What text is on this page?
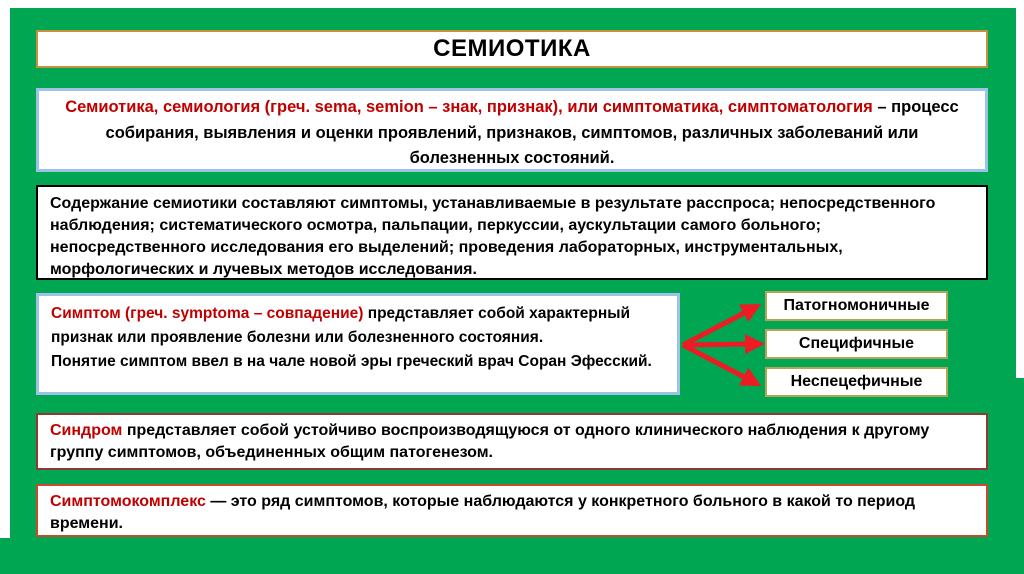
СЕМИОТИКА
Семиотика, семиология (греч. sema, semion – знак, признак), или симптоматика, симптоматология – процесс собирания, выявления и оценки проявлений, признаков, симптомов, различных заболеваний или болезненных состояний.
Содержание семиотики составляют симптомы, устанавливаемые в результате расспроса; непосредственного наблюдения; систематического осмотра, пальпации, перкуссии, аускультации самого больного; непосредственного исследования его выделений; проведения лабораторных, инструментальных, морфологических и лучевых методов исследования.

Симптом (греч. symptoma – совпадение) представляет собой характерный признак или проявление болезни или болезненного состояния.

Понятие симптом ввел в на чале новой эры греческий врач Соран Эфесский.

Патогномоничные
Специфичные
Неспецефичные
Синдром представляет собой устойчиво воспроизводящуюся от одного клинического наблюдения к другому группу симптомов, объединенных общим патогенезом.
Симптомокомплекс — это ряд симптомов, которые наблюдаются у конкретного больного в какой то период времени.
